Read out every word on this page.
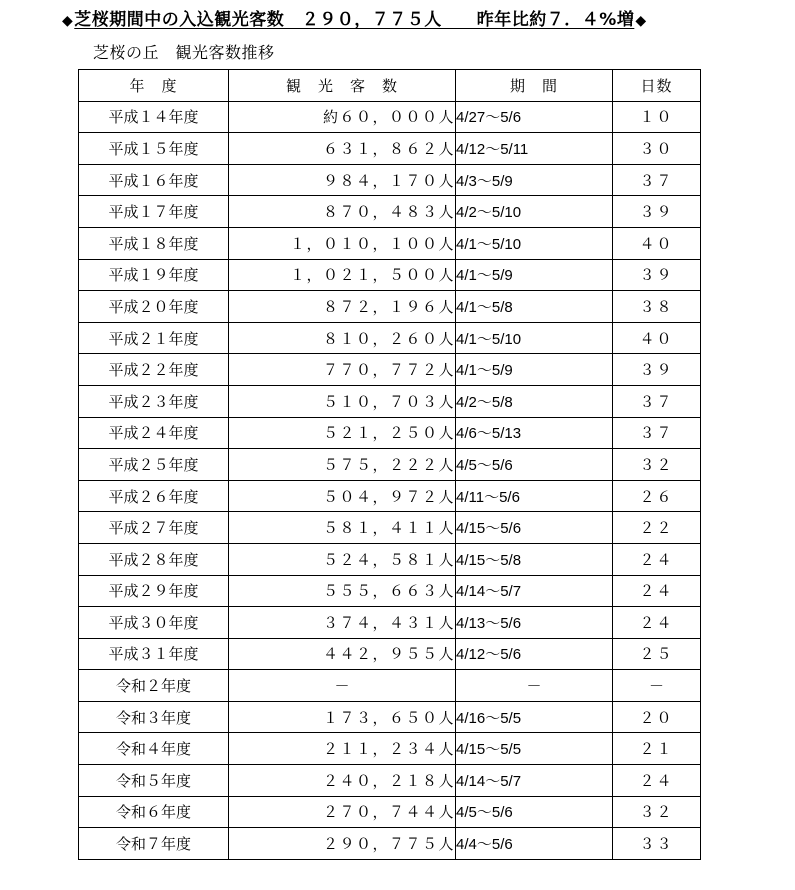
◆芝桜期間中の入込観光客数　２９０，７７５人　　昨年比約７．４%増◆
芝桜の丘　観光客数推移
年　度	観　光　客　数	期　間	日数
平成１４年度	約６０，０００人	4/27～5/6	１０
平成１５年度	６３１，８６２人	4/12～5/11	３０
平成１６年度	９８４，１７０人	4/3～5/9	３７
平成１７年度	８７０，４８３人	4/2～5/10	３９
平成１８年度	１，０１０，１００人	4/1～5/10	４０
平成１９年度	１，０２１，５００人	4/1～5/9	３９
平成２０年度	８７２，１９６人	4/1～5/8	３８
平成２１年度	８１０，２６０人	4/1～5/10	４０
平成２２年度	７７０，７７２人	4/1～5/9	３９
平成２３年度	５１０，７０３人	4/2～5/8	３７
平成２４年度	５２１，２５０人	4/6～5/13	３７
平成２５年度	５７５，２２２人	4/5～5/6	３２
平成２６年度	５０４，９７２人	4/11～5/6	２６
平成２７年度	５８１，４１１人	4/15～5/6	２２
平成２８年度	５２４，５８１人	4/15～5/8	２４
平成２９年度	５５５，６６３人	4/14～5/7	２４
平成３０年度	３７４，４３１人	4/13～5/6	２４
平成３１年度	４４２，９５５人	4/12～5/6	２５
令和２年度	－	－	－
令和３年度	１７３，６５０人	4/16～5/5	２０
令和４年度	２１１，２３４人	4/15～5/5	２１
令和５年度	２４０，２１８人	4/14～5/7	２４
令和６年度	２７０，７４４人	4/5～5/6	３２
令和７年度	２９０，７７５人	4/4～5/6	３３
